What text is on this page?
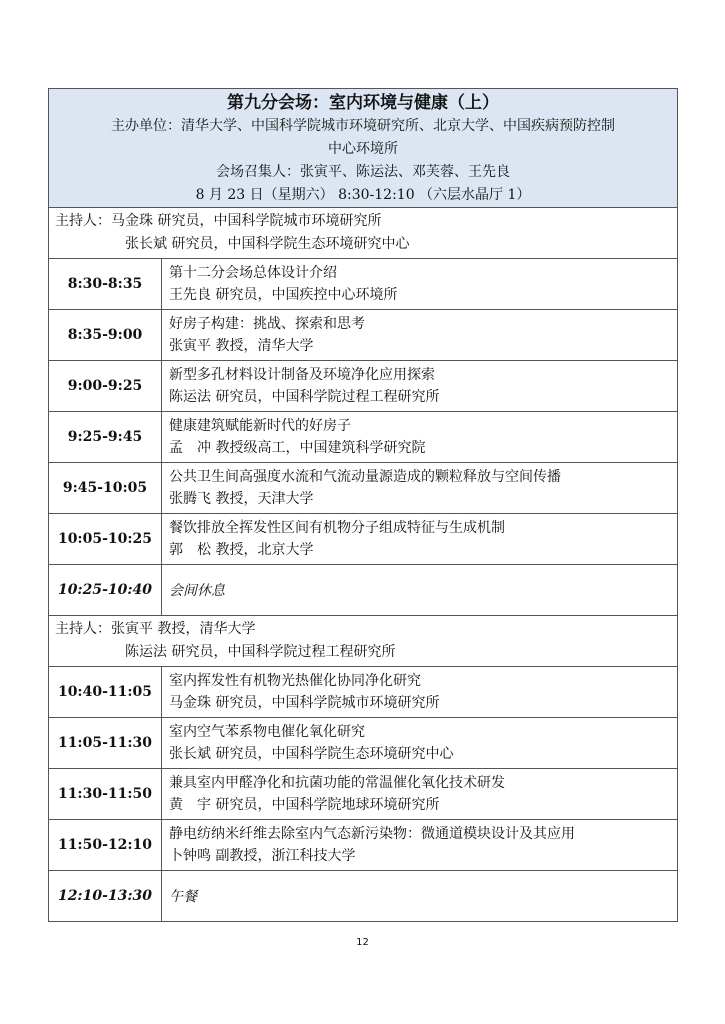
第九分会场：室内环境与健康（上）
主办单位：清华大学、中国科学院城市环境研究所、北京大学、中国疾病预防控制
中心环境所
会场召集人：张寅平、陈运法、邓芙蓉、王先良
8 月 23 日（星期六） 8:30-12:10 （六层水晶厅 1）	

主持人：马金珠 研究员，中国科学院城市环境研究所
张长斌 研究员，中国科学院生态环境研究中心	

8:30-8:35	第十二分会场总体设计介绍
王先良 研究员，中国疾控中心环境所

8:35-9:00	好房子构建：挑战、探索和思考
张寅平 教授，清华大学

9:00-9:25	新型多孔材料设计制备及环境净化应用探索
陈运法 研究员，中国科学院过程工程研究所

9:25-9:45	健康建筑赋能新时代的好房子
孟　冲 教授级高工，中国建筑科学研究院

9:45-10:05	公共卫生间高强度水流和气流动量源造成的颗粒释放与空间传播
张腾飞 教授，天津大学

10:05-10:25	餐饮排放全挥发性区间有机物分子组成特征与生成机制
郭　松 教授，北京大学

10:25-10:40	会间休息

主持人：张寅平 教授，清华大学
陈运法 研究员，中国科学院过程工程研究所	

10:40-11:05	室内挥发性有机物光热催化协同净化研究
马金珠 研究员，中国科学院城市环境研究所

11:05-11:30	室内空气苯系物电催化氧化研究
张长斌 研究员，中国科学院生态环境研究中心

11:30-11:50	兼具室内甲醛净化和抗菌功能的常温催化氧化技术研发
黄　宇 研究员，中国科学院地球环境研究所

11:50-12:10	静电纺纳米纤维去除室内气态新污染物：微通道模块设计及其应用
卜钟鸣 副教授，浙江科技大学

12:10-13:30	午餐
12
